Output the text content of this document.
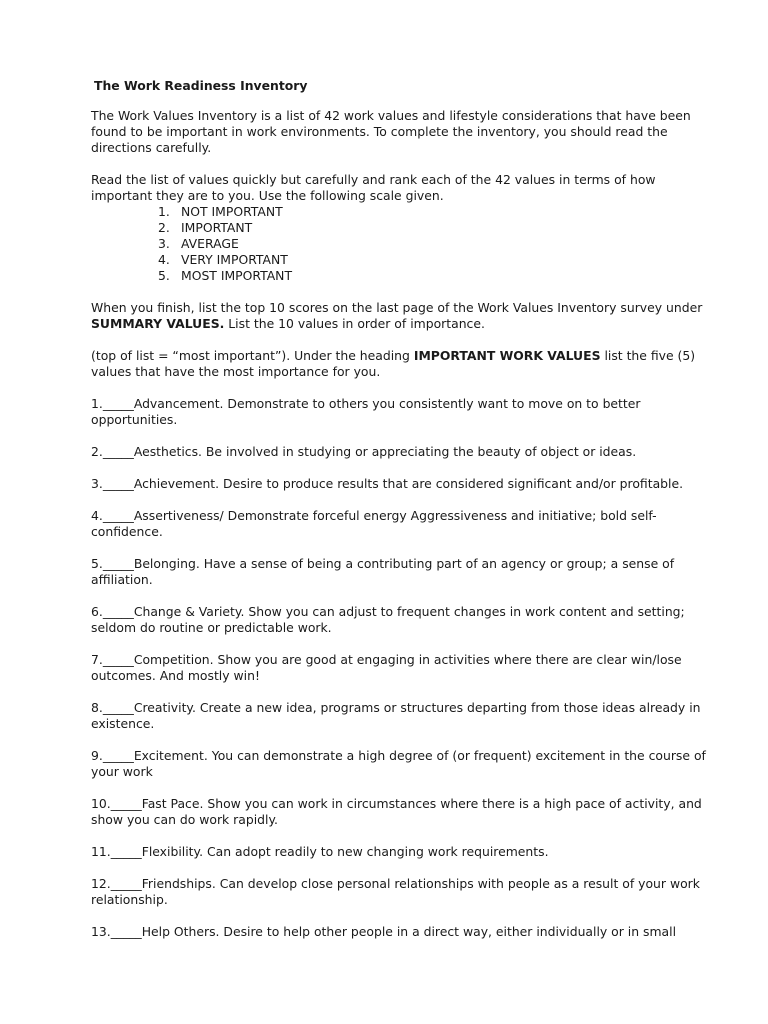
The Work Readiness Inventory

The Work Values Inventory is a list of 42 work values and lifestyle considerations that have been found to be important in work environments. To complete the inventory, you should read the directions carefully.

Read the list of values quickly but carefully and rank each of the 42 values in terms of how important they are to you. Use the following scale given.

1. NOT IMPORTANT
2. IMPORTANT
3. AVERAGE
4. VERY IMPORTANT
5. MOST IMPORTANT

When you finish, list the top 10 scores on the last page of the Work Values Inventory survey under SUMMARY VALUES. List the 10 values in order of importance.

(top of list = “most important”). Under the heading IMPORTANT WORK VALUES list the five (5) values that have the most importance for you.

1._____Advancement. Demonstrate to others you consistently want to move on to better opportunities.

2._____Aesthetics. Be involved in studying or appreciating the beauty of object or ideas.

3._____Achievement. Desire to produce results that are considered significant and/or profitable.

4._____Assertiveness/ Demonstrate forceful energy Aggressiveness and initiative; bold self-confidence.

5._____Belonging. Have a sense of being a contributing part of an agency or group; a sense of affiliation.

6._____Change & Variety. Show you can adjust to frequent changes in work content and setting; seldom do routine or predictable work.

7._____Competition. Show you are good at engaging in activities where there are clear win/lose outcomes. And mostly win!

8._____Creativity. Create a new idea, programs or structures departing from those ideas already in existence.

9._____Excitement. You can demonstrate a high degree of (or frequent) excitement in the course of your work

10._____Fast Pace. Show you can work in circumstances where there is a high pace of activity, and show you can do work rapidly.

11._____Flexibility. Can adopt readily to new changing work requirements.

12._____Friendships. Can develop close personal relationships with people as a result of your work relationship.

13._____Help Others. Desire to help other people in a direct way, either individually or in small
